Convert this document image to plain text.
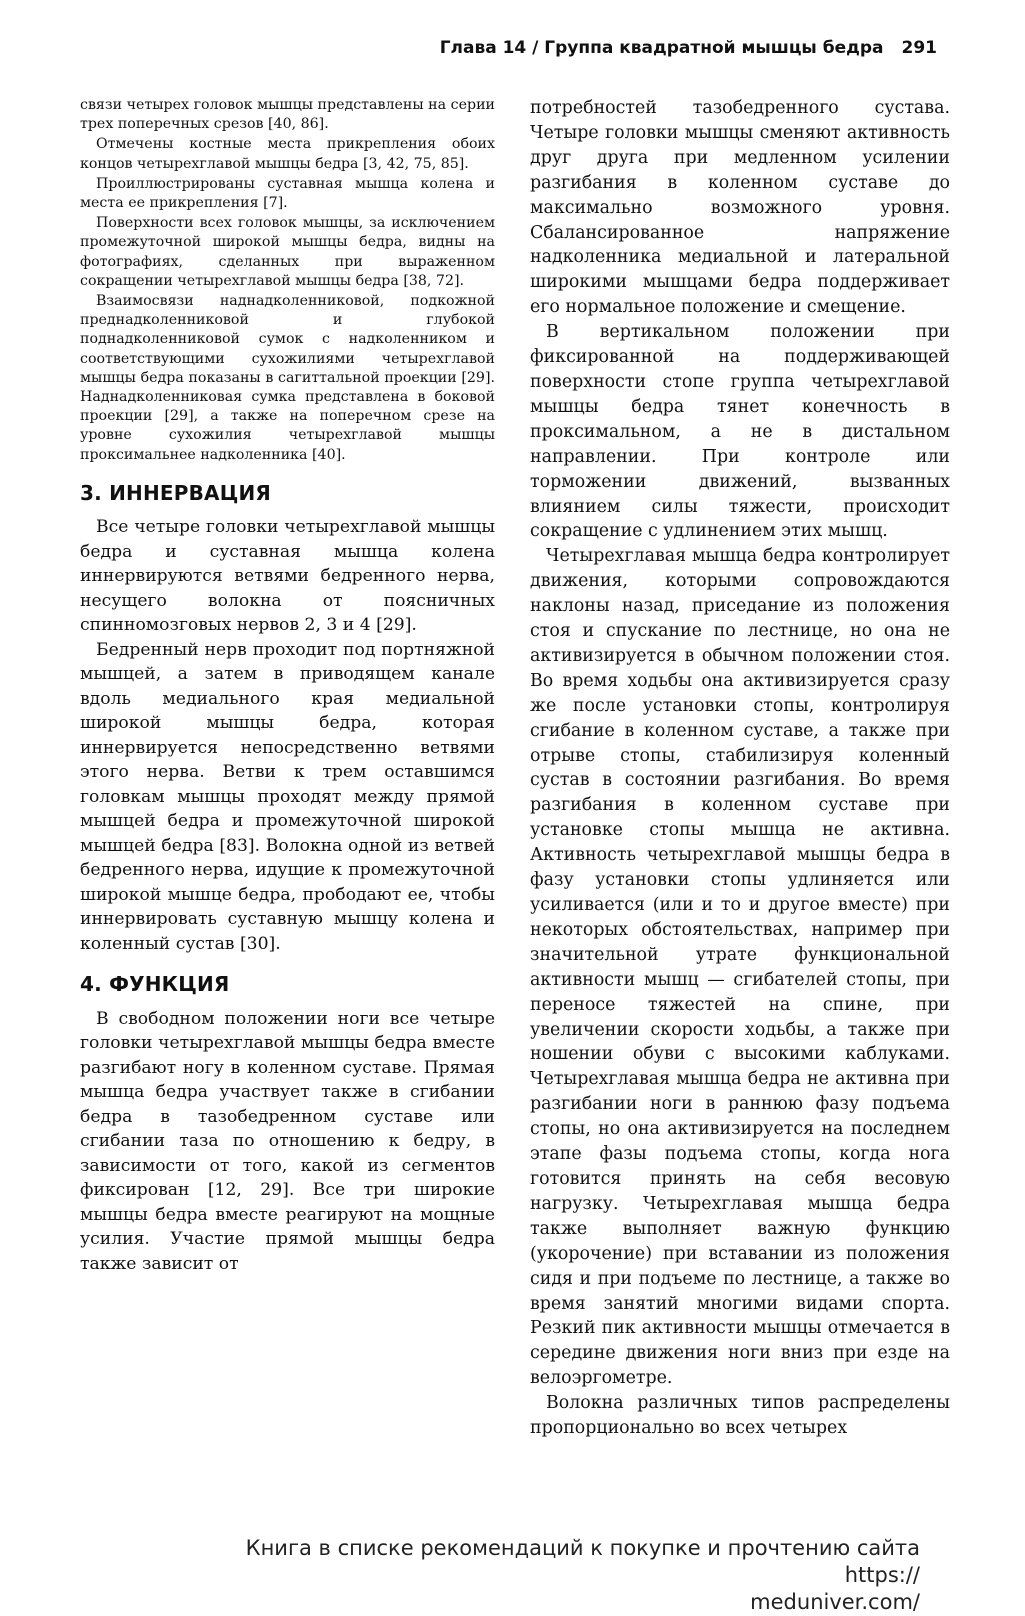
Глава 14 / Группа квадратной мышцы бедра 291

связи четырех головок мышцы представлены на серии трех поперечных срезов [40, 86].

Отмечены костные места прикрепления обоих концов четырехглавой мышцы бедра [3, 42, 75, 85].

Проиллюстрированы суставная мышца колена и места ее прикрепления [7].

Поверхности всех головок мышцы, за исключением промежуточной широкой мышцы бедра, видны на фотографиях, сделанных при выраженном сокращении четырехглавой мышцы бедра [38, 72].

Взаимосвязи наднадколенниковой, подкожной преднадколенниковой и глубокой поднадколенниковой сумок с надколенником и соответствующими сухожилиями четырехглавой мышцы бедра показаны в сагиттальной проекции [29]. Наднадколенниковая сумка представлена в боковой проекции [29], а также на поперечном срезе на уровне сухожилия четырехглавой мышцы проксимальнее надколенника [40].

3. ИННЕРВАЦИЯ

Все четыре головки четырехглавой мышцы бедра и суставная мышца колена иннервируются ветвями бедренного нерва, несущего волокна от поясничных спинномозговых нервов 2, 3 и 4 [29].

Бедренный нерв проходит под портняжной мышцей, а затем в приводящем канале вдоль медиального края медиальной широкой мышцы бедра, которая иннервируется непосредственно ветвями этого нерва. Ветви к трем оставшимся головкам мышцы проходят между прямой мышцей бедра и промежуточной широкой мышцей бедра [83]. Волокна одной из ветвей бедренного нерва, идущие к промежуточной широкой мышце бедра, прободают ее, чтобы иннервировать суставную мышцу колена и коленный сустав [30].

4. ФУНКЦИЯ

В свободном положении ноги все четыре головки четырехглавой мышцы бедра вместе разгибают ногу в коленном суставе. Прямая мышца бедра участвует также в сгибании бедра в тазобедренном суставе или сгибании таза по отношению к бедру, в зависимости от того, какой из сегментов фиксирован [12, 29]. Все три широкие мышцы бедра вместе реагируют на мощные усилия. Участие прямой мышцы бедра также зависит от

потребностей тазобедренного сустава. Четыре головки мышцы сменяют активность друг друга при медленном усилении разгибания в коленном суставе до максимально возможного уровня. Сбалансированное напряжение надколенника медиальной и латеральной широкими мышцами бедра поддерживает его нормальное положение и смещение.

В вертикальном положении при фиксированной на поддерживающей поверхности стопе группа четырехглавой мышцы бедра тянет конечность в проксимальном, а не в дистальном направлении. При контроле или торможении движений, вызванных влиянием силы тяжести, происходит сокращение с удлинением этих мышц.

Четырехглавая мышца бедра контролирует движения, которыми сопровождаются наклоны назад, приседание из положения стоя и спускание по лестнице, но она не активизируется в обычном положении стоя. Во время ходьбы она активизируется сразу же после установки стопы, контролируя сгибание в коленном суставе, а также при отрыве стопы, стабилизируя коленный сустав в состоянии разгибания. Во время разгибания в коленном суставе при установке стопы мышца не активна. Активность четырехглавой мышцы бедра в фазу установки стопы удлиняется или усиливается (или и то и другое вместе) при некоторых обстоятельствах, например при значительной утрате функциональной активности мышц — сгибателей стопы, при переносе тяжестей на спине, при увеличении скорости ходьбы, а также при ношении обуви с высокими каблуками. Четырехглавая мышца бедра не активна при разгибании ноги в раннюю фазу подъема стопы, но она активизируется на последнем этапе фазы подъема стопы, когда нога готовится принять на себя весовую нагрузку. Четырехглавая мышца бедра также выполняет важную функцию (укорочение) при вставании из положения сидя и при подъеме по лестнице, а также во время занятий многими видами спорта. Резкий пик активности мышцы отмечается в середине движения ноги вниз при езде на велоэргометре.

Волокна различных типов распределены пропорционально во всех четырех

Книга в списке рекомендаций к покупке и прочтению сайта https://
meduniver.com/
